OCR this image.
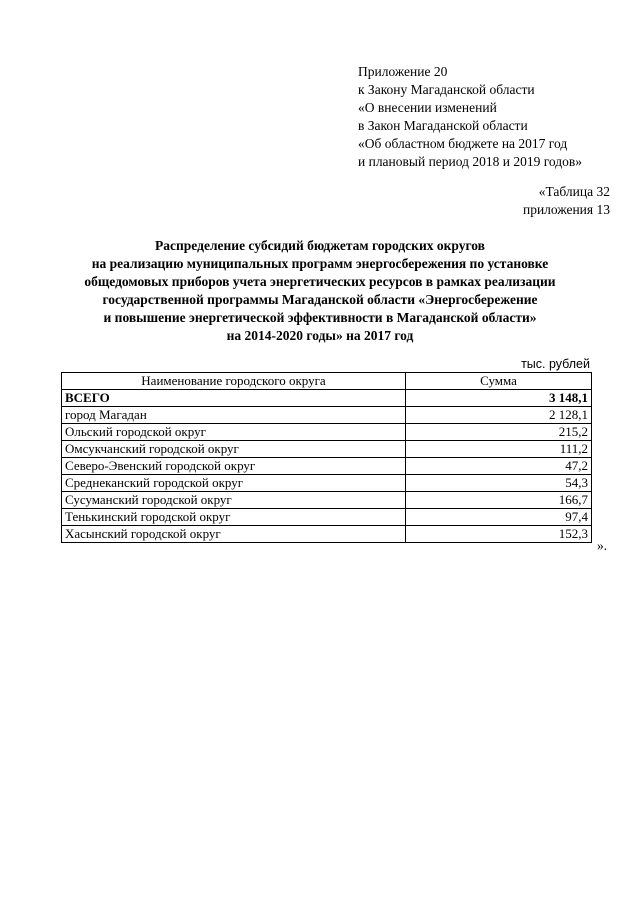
Приложение 20
к Закону Магаданской области
«О внесении изменений
в Закон Магаданской области
«Об областном бюджете на 2017 год
и плановый период 2018 и 2019 годов»
«Таблица 32
приложения 13
Распределение субсидий бюджетам городских округов
на реализацию муниципальных программ энергосбережения по установке
общедомовых приборов учета энергетических ресурсов в рамках реализации
государственной программы Магаданской области «Энергосбережение
и повышение энергетической эффективности в Магаданской области»
на 2014-2020 годы» на 2017 год
тыс. рублей
Наименование городского округа	Сумма
ВСЕГО	3 148,1
город Магадан	2 128,1
Ольский городской округ	215,2
Омсукчанский городской округ	111,2
Северо-Эвенский городской округ	47,2
Среднеканский городской округ	54,3
Сусуманский городской округ	166,7
Тенькинский городской округ	97,4
Хасынский городской округ	152,3
».
